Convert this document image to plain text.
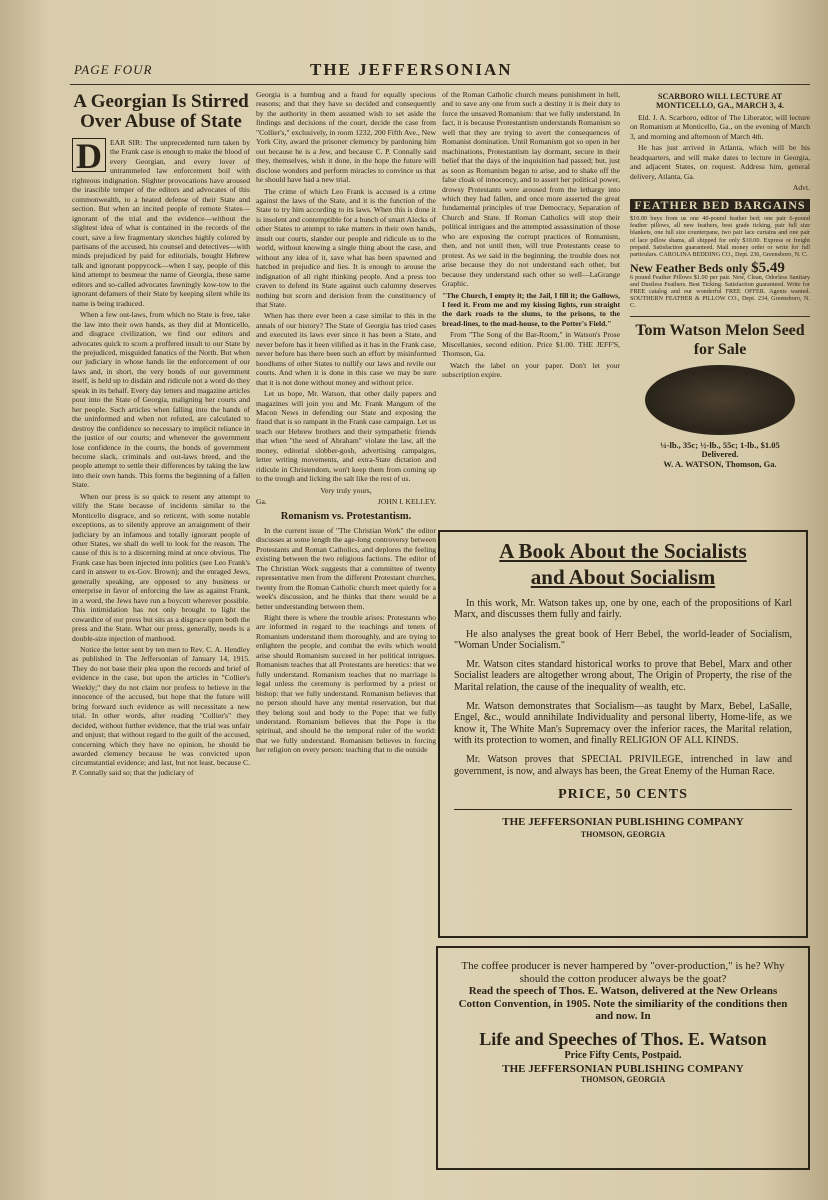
PAGE FOUR	THE JEFFERSONIAN
A Georgian Is Stirred Over Abuse of State

D	EAR SIR: The unprecedented turn taken by the Frank case is enough to make the blood of every Georgian, and every lover of untrammeled law enforcement boil with righteous indignation. Slighter provocations have aroused the irascible temper of the editors and advocates of this commonwealth, to a heated defense of their State and section. But when an incited people of remote States—ignorant of the trial and the evidence—without the slightest idea of what is contained in the records of the court, save a few fragmentary sketches highly colored by partisans of the accused, his counsel and detectives—with minds prejudiced by paid for editorials, bought Hebrew talk and ignorant poppycock—when I say, people of this kind attempt to besmear the name of Georgia, these same editors and so-called advocates fawningly kow-tow to the ignorant defamers of their State by keeping silent while its name is being traduced.

When a few out-laws, from which no State is free, take the law into their own hands, as they did at Monticello, and disgrace civilization, we find our editors and advocates quick to scorn a proffered insult to our State by the prejudiced, misguided fanatics of the North. But when our judiciary in whose hands lie the enforcement of our laws and, in short, the very bonds of our government itself, is held up to disdain and ridicule not a word do they speak in its behalf. Every day letters and magazine articles pour into the State of Georgia, maligning her courts and her people. Such articles when falling into the hands of the uninformed and when not refuted, are calculated to destroy the confidence so necessary to implicit reliance in the justice of our courts; and whenever the government lose confidence in the courts, the bonds of government become slack, criminals and out-laws breed, and the people attempt to settle their differences by taking the law into their own hands. This forms the beginning of a fallen State.

When our press is so quick to resent any attempt to vilify the State because of incidents similar to the Monticello disgrace, and so reticent, with some notable exceptions, as to silently approve an arraignment of their judiciary by an infamous and totally ignorant people of other States, we shall do well to look for the reason. The cause of this is to a discerning mind at once obvious. The Frank case has been injected into politics (see Leo Frank's card in answer to ex-Gov. Brown); and the enraged Jews, generally speaking, are opposed to any business or enterprise in favor of enforcing the law as against Frank, in a word, the Jews have run a boycott wherever possible. This intimidation has not only brought to light the cowardice of our press but sits as a disgrace upon both the press and the State. What our press, generally, needs is a double-size injection of manhood.

Notice the letter sent by ten men to Rev. C. A. Hendley as published in The Jeffersonian of January 14, 1915. They do not base their plea upon the records and brief of evidence in the case, but upon the articles in "Collier's Weekly;" they do not claim nor profess to believe in the innocence of the accused, but hope that the future will bring forward such evidence as will necessitate a new trial. In other words, after reading "Collier's" they decided, without further evidence, that the trial was unfair and unjust; that without regard to the guilt of the accused, concerning which they have no opinion, he should be awarded clemency because he was convicted upon circumstantial evidence; and last, but not least, because C. P. Connally said so; that the judiciary of

Georgia is a humbug and a fraud for equally specious reasons; and that they have so decided and consequently by the authority in them assumed wish to set aside the findings and decisions of the court, decide the case from "Collier's," exclusively, in room 1232, 200 Fifth Ave., New York City, award the prisoner clemency by pardoning him out because he is a Jew, and because C. P. Connally said they, themselves, wish it done, in the hope the future will disclose wonders and perform miracles to convince us that he should have had a new trial.

The crime of which Leo Frank is accused is a crime against the laws of the State, and it is the function of the State to try him according to its laws. When this is done it is insolent and contemptible for a bunch of smart Alecks of other States to attempt to take matters in their own hands, insult our courts, slander our people and ridicule us to the world, without knowing a single thing about the case, and without any idea of it, save what has been spawned and hatched in prejudice and lies. It is enough to arouse the indignation of all right thinking people. And a press too craven to defend its State against such calumny deserves nothing but scorn and derision from the constituency of that State.

When has there ever been a case similar to this in the annals of our history? The State of Georgia has tried cases and executed its laws ever since it has been a State, and never before has it been vilified as it has in the Frank case, never before has there been such an effort by misinformed hoodlums of other States to nullify our laws and revile our courts. And when it is done in this case we may be sure that it is not done without money and without price.

Let us hope, Mr. Watson, that other daily papers and magazines will join you and Mr. Frank Mangum of the Macon News in defending our State and exposing the fraud that is so rampant in the Frank case campaign. Let us teach our Hebrew brothers and their sympathetic friends that when "the seed of Abraham" violate the law, all the money, editorial slobber-gosh, advertising campaigns, letter writing movements, and extra-State dictation and ridicule in Christendom, won't keep them from coming up to the trough and licking the salt like the rest of us.

Very truly yours,

Ga.	JOHN I. KELLEY.

Romanism vs. Protestantism.

In the current issue of "The Christian Work" the editor discusses at some length the age-long controversy between Protestants and Roman Catholics, and deplores the feeling existing between the two religious factions. The editor of The Christian Work suggests that a committee of twenty representative men from the different Protestant churches, twenty from the Roman Catholic church meet quietly for a week's discussion, and he thinks that there would be a better understanding between them.

Right there is where the trouble arises: Protestants who are informed in regard to the teachings and tenets of Romanism understand them thoroughly, and are trying to enlighten the people, and combat the evils which would arise should Romanism succeed in her political intrigues. Romanism teaches that all Protestants are heretics: that we fully understand. Romanism teaches that no marriage is legal unless the ceremony is performed by a priest or bishop: that we fully understand. Romanism believes that no person should have any mental reservation, but that they belong soul and body to the Pope: that we fully understand. Romanism believes that the Pope is the spiritual, and should be the temporal ruler of the world: that we fully understand. Romanism believes in forcing her religion on every person: teaching that to die outside

of the Roman Catholic church means punishment in hell, and to save any one from such a destiny it is their duty to force the unsaved Romanism: that we fully understand. In fact, it is because Protestantism understands Romanism so well that they are trying to avert the consequences of Romanist domination. Until Romanism got so open in her machinations, Protestantism lay dormant, secure in their belief that the days of the inquisition had passed; but, just as soon as Romanism began to arise, and to shake off the false cloak of innocency, and to assert her political power, drowsy Protestants were aroused from the lethargy into which they had fallen, and once more asserted the great fundamental principles of true Democracy, Separation of Church and State. If Roman Catholics will stop their political intrigues and the attempted assassination of those who are exposing the corrupt practices of Romanism, then, and not until then, will true Protestants cease to protest. As we said in the beginning, the trouble does not arise because they do not understand each other, but because they understand each other so well—LaGrange Graphic.

"The Church, I empty it; the Jail, I fill it; the Gallows, I feed it. From me and my kissing lights, run straight the dark roads to the slums, to the prisons, to the bread-lines, to the mad-house, to the Potter's Field."

From "The Song of the Bar-Room," in Watson's Prose Miscellanies, second edition. Price $1.00. THE JEFF'S, Thomson, Ga.

Watch the label on your paper. Don't let your subscription expire.

SCARBORO WILL LECTURE AT MONTICELLO, GA., MARCH 3, 4.

Eld. J. A. Scarboro, editor of The Liberator, will lecture on Romanism at Monticello, Ga., on the evening of March 3, and morning and afternoon of March 4th.

He has just arrived in Atlanta, which will be his headquarters, and will make dates to lecture in Georgia, and adjacent States, on request. Address him, general delivery, Atlanta, Ga.

Advt.

FEATHER BED BARGAINS

$10.00 buys from us one 40-pound feather bed; one pair 6-pound feather pillows, all new feathers, best grade ticking, pair full size blankets, one full size counterpane, two pair lace curtains and one pair of lace pillow shams, all shipped for only $10.00. Express or freight prepaid. Satisfaction guaranteed. Mail money order or write for full particulars. CAROLINA BEDDING CO., Dept. 236, Greensboro, N. C.

New Feather Beds only $5.49

6 pound Feather Pillows $1.00 per pair. New, Clean, Odorless Sanitary and Dustless Feathers. Best Ticking. Satisfaction guaranteed. Write for FREE catalog and our wonderful FREE OFFER. Agents wanted. SOUTHERN FEATHER & PILLOW CO., Dept. 234, Greensboro, N. C.

Tom Watson Melon Seed for Sale
¼-lb., 35c; ½-lb., 55c; 1-lb., $1.05
Delivered.
W. A. WATSON, Thomson, Ga.
A Book About the Socialists
and About Socialism

In this work, Mr. Watson takes up, one by one, each of the propositions of Karl Marx, and discusses them fully and fairly.

He also analyses the great book of Herr Bebel, the world-leader of Socialism, "Woman Under Socialism."

Mr. Watson cites standard historical works to prove that Bebel, Marx and other Socialist leaders are altogether wrong about, The Origin of Property, the rise of the Marital relation, the cause of the inequality of wealth, etc.

Mr. Watson demonstrates that Socialism—as taught by Marx, Bebel, LaSalle, Engel, &c., would annihilate Individuality and personal liberty, Home-life, as we know it, The White Man's Supremacy over the inferior races, the Marital relation, with its protection to women, and finally RELIGION OF ALL KINDS.

Mr. Watson proves that SPECIAL PRIVILEGE, intrenched in law and government, is now, and always has been, the Great Enemy of the Human Race.

PRICE, 50 CENTS
THE JEFFERSONIAN PUBLISHING COMPANY
THOMSON, GEORGIA

The coffee producer is never hampered by "over-production," is he? Why should the cotton producer always be the goat?

Read the speech of Thos. E. Watson, delivered at the New Orleans Cotton Convention, in 1905. Note the similiarity of the conditions then and now. In

Life and Speeches of Thos. E. Watson
Price Fifty Cents, Postpaid.
THE JEFFERSONIAN PUBLISHING COMPANY
THOMSON, GEORGIA
